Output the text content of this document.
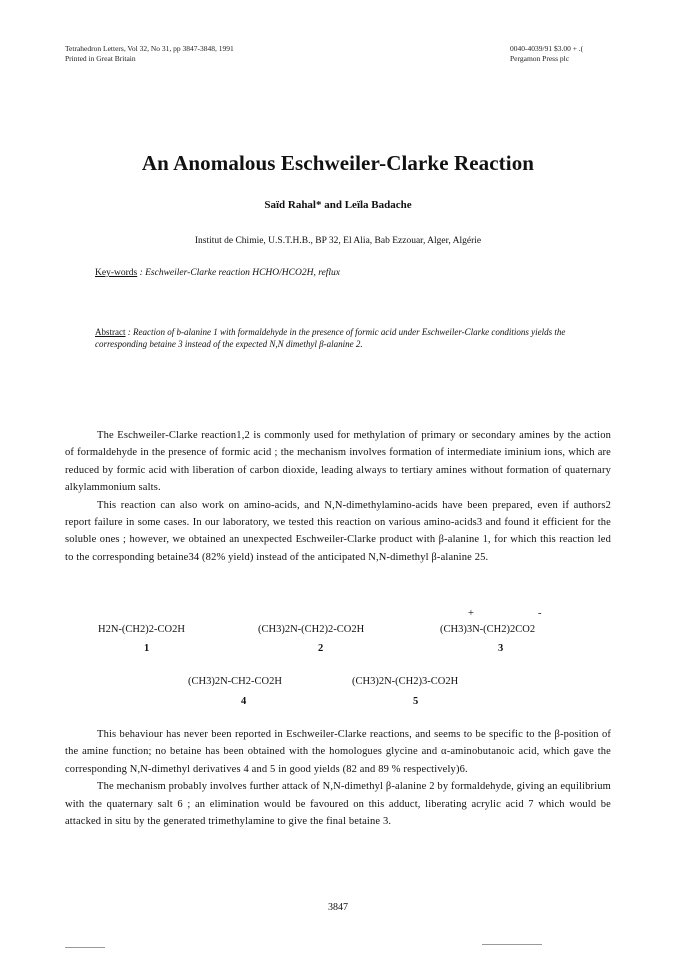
Tetrahedron Letters, Vol 32, No 31, pp 3847-3848, 1991
Printed in Great Britain
0040-4039/91 $3.00 + .(
Pergamon Press plc
An Anomalous Eschweiler-Clarke Reaction
Saïd Rahal* and Leïla Badache
Institut de Chimie, U.S.T.H.B., BP 32, El Alia, Bab Ezzouar, Alger, Algérie
Key-words : Eschweiler-Clarke reaction HCHO/HCO2H, reflux
Abstract : Reaction of b-alanine 1 with formaldehyde in the presence of formic acid under Eschweiler-Clarke conditions yields the corresponding betaine 3 instead of the expected N,N dimethyl β-alanine 2.

The Eschweiler-Clarke reaction1,2 is commonly used for methylation of primary or secondary amines by the action of formaldehyde in the presence of formic acid ; the mechanism involves formation of intermediate iminium ions, which are reduced by formic acid with liberation of carbon dioxide, leading always to tertiary amines without formation of quaternary alkylammonium salts.

This reaction can also work on amino-acids, and N,N-dimethylamino-acids have been prepared, even if authors2 report failure in some cases. In our laboratory, we tested this reaction on various amino-acids3 and found it efficient for the soluble ones ; however, we obtained an unexpected Eschweiler-Clarke product with β-alanine 1, for which this reaction led to the corresponding betaine34 (82% yield) instead of the anticipated N,N-dimethyl β-alanine 25.

H2N-(CH2)2-CO2H
1
(CH3)2N-(CH2)2-CO2H
2
+	-
(CH3)3N-(CH2)2CO2
3
(CH3)2N-CH2-CO2H
4
(CH3)2N-(CH2)3-CO2H
5

This behaviour has never been reported in Eschweiler-Clarke reactions, and seems to be specific to the β-position of the amine function; no betaine has been obtained with the homologues glycine and α-aminobutanoic acid, which gave the corresponding N,N-dimethyl derivatives 4 and 5 in good yields (82 and 89 % respectively)6.

The mechanism probably involves further attack of N,N-dimethyl β-alanine 2 by formaldehyde, giving an equilibrium with the quaternary salt 6 ; an elimination would be favoured on this adduct, liberating acrylic acid 7 which would be attacked in situ by the generated trimethylamine to give the final betaine 3.

3847
